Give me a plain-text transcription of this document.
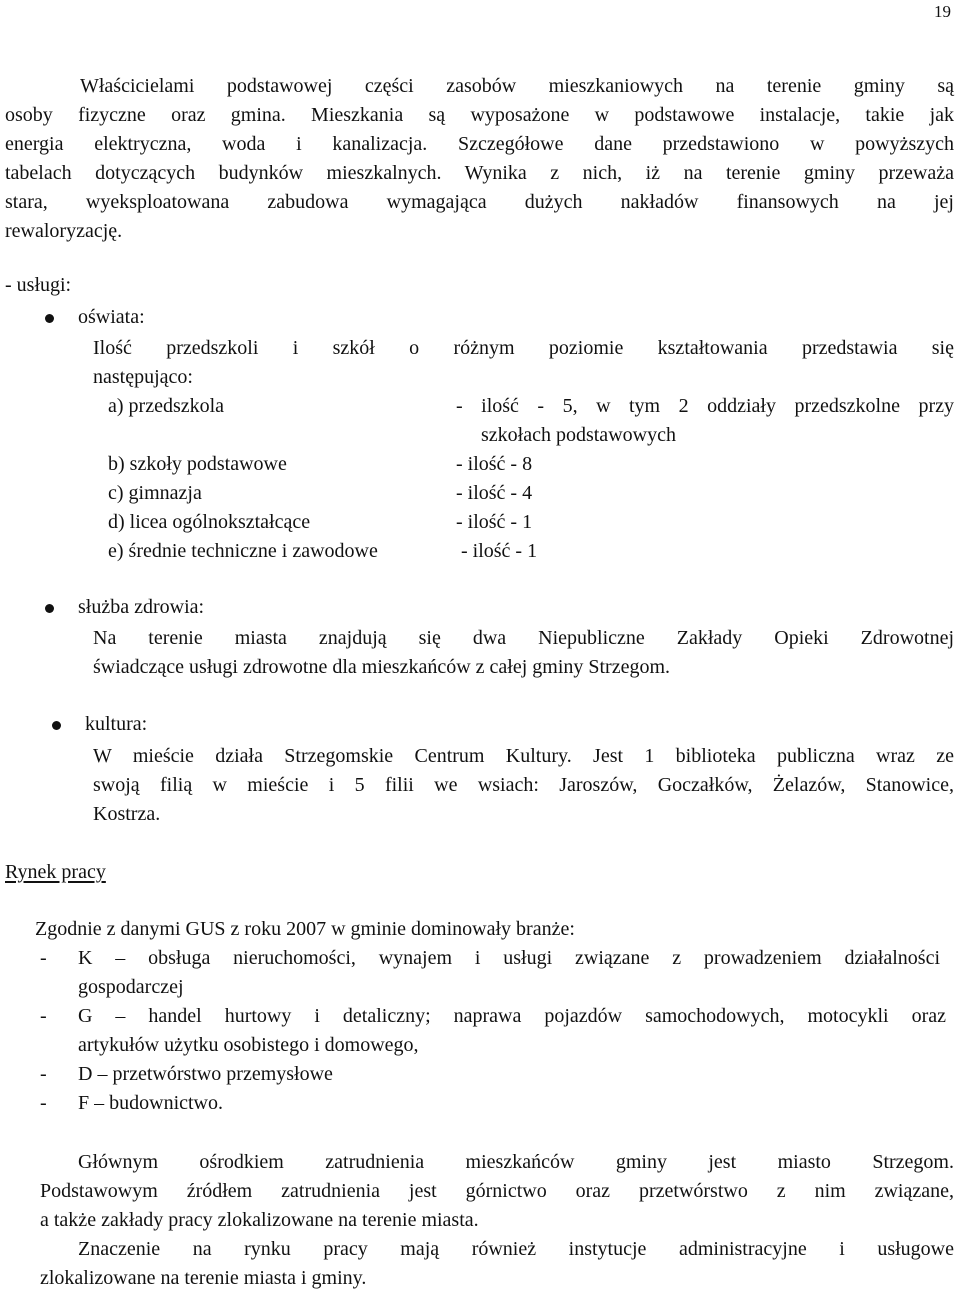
19
Właścicielami podstawowej części zasobów mieszkaniowych na terenie gminy są
osoby fizyczne oraz gmina. Mieszkania są wyposażone w podstawowe instalacje, takie jak
energia elektryczna, woda i kanalizacja. Szczegółowe dane przedstawiono w powyższych
tabelach dotyczących budynków mieszkalnych. Wynika z nich, iż na terenie gminy przeważa
stara, wyeksploatowana zabudowa wymagająca dużych nakładów finansowych na jej
rewaloryzację.
- usługi:
oświata:
Ilość przedszkoli i szkół o różnym poziomie kształtowania przedstawia się
następująco:
a) przedszkola	- ilość - 5, w tym 2 oddziały przedszkolne przy
szkołach podstawowych
b) szkoły podstawowe	- ilość - 8
c) gimnazja	- ilość - 4
d) licea ogólnokształcące	- ilość - 1
e) średnie techniczne i zawodowe	- ilość - 1
służba zdrowia:
Na terenie miasta znajdują się dwa Niepubliczne Zakłady Opieki Zdrowotnej
świadczące usługi zdrowotne dla mieszkańców z całej gminy Strzegom.
kultura:
W mieście działa Strzegomskie Centrum Kultury. Jest 1 biblioteka publiczna wraz ze
swoją filią w mieście i 5 filii we wsiach: Jaroszów, Goczałków, Żelazów, Stanowice,
Kostrza.
Rynek pracy
Zgodnie z danymi GUS z roku 2007 w gminie dominowały branże:
- K – obsługa nieruchomości, wynajem i usługi związane z prowadzeniem działalności
gospodarczej
- G – handel hurtowy i detaliczny; naprawa pojazdów samochodowych, motocykli oraz
artykułów użytku osobistego i domowego,
- D – przetwórstwo przemysłowe
- F – budownictwo.
Głównym ośrodkiem zatrudnienia mieszkańców gminy jest miasto Strzegom.
Podstawowym źródłem zatrudnienia jest górnictwo oraz przetwórstwo z nim związane,
a także zakłady pracy zlokalizowane na terenie miasta.
Znaczenie na rynku pracy mają również instytucje administracyjne i usługowe
zlokalizowane na terenie miasta i gminy.
